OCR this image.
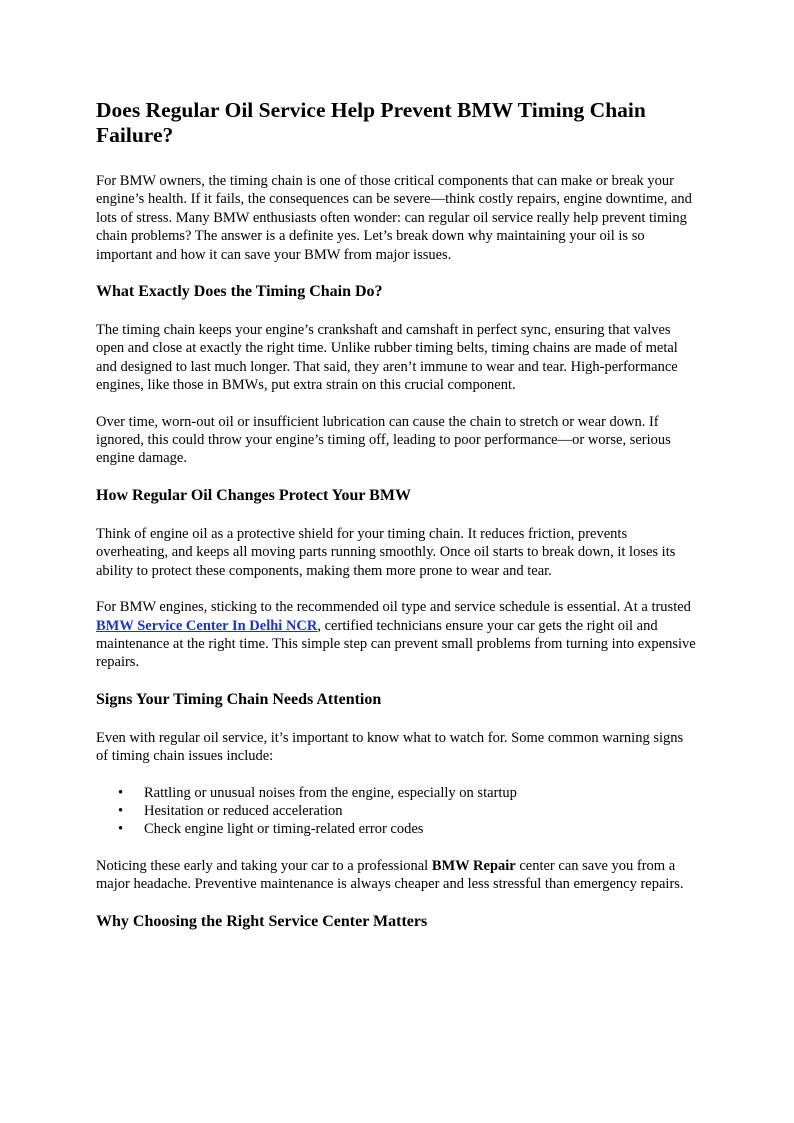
Does Regular Oil Service Help Prevent BMW Timing Chain Failure?

For BMW owners, the timing chain is one of those critical components that can make or break your engine’s health. If it fails, the consequences can be severe—think costly repairs, engine downtime, and lots of stress. Many BMW enthusiasts often wonder: can regular oil service really help prevent timing chain problems? The answer is a definite yes. Let’s break down why maintaining your oil is so important and how it can save your BMW from major issues.

What Exactly Does the Timing Chain Do?

The timing chain keeps your engine’s crankshaft and camshaft in perfect sync, ensuring that valves open and close at exactly the right time. Unlike rubber timing belts, timing chains are made of metal and designed to last much longer. That said, they aren’t immune to wear and tear. High-performance engines, like those in BMWs, put extra strain on this crucial component.

Over time, worn-out oil or insufficient lubrication can cause the chain to stretch or wear down. If ignored, this could throw your engine’s timing off, leading to poor performance—or worse, serious engine damage.

How Regular Oil Changes Protect Your BMW

Think of engine oil as a protective shield for your timing chain. It reduces friction, prevents overheating, and keeps all moving parts running smoothly. Once oil starts to break down, it loses its ability to protect these components, making them more prone to wear and tear.

For BMW engines, sticking to the recommended oil type and service schedule is essential. At a trusted BMW Service Center In Delhi NCR, certified technicians ensure your car gets the right oil and maintenance at the right time. This simple step can prevent small problems from turning into expensive repairs.

Signs Your Timing Chain Needs Attention

Even with regular oil service, it’s important to know what to watch for. Some common warning signs of timing chain issues include:

• Rattling or unusual noises from the engine, especially on startup
• Hesitation or reduced acceleration
• Check engine light or timing-related error codes

Noticing these early and taking your car to a professional BMW Repair center can save you from a major headache. Preventive maintenance is always cheaper and less stressful than emergency repairs.

Why Choosing the Right Service Center Matters
